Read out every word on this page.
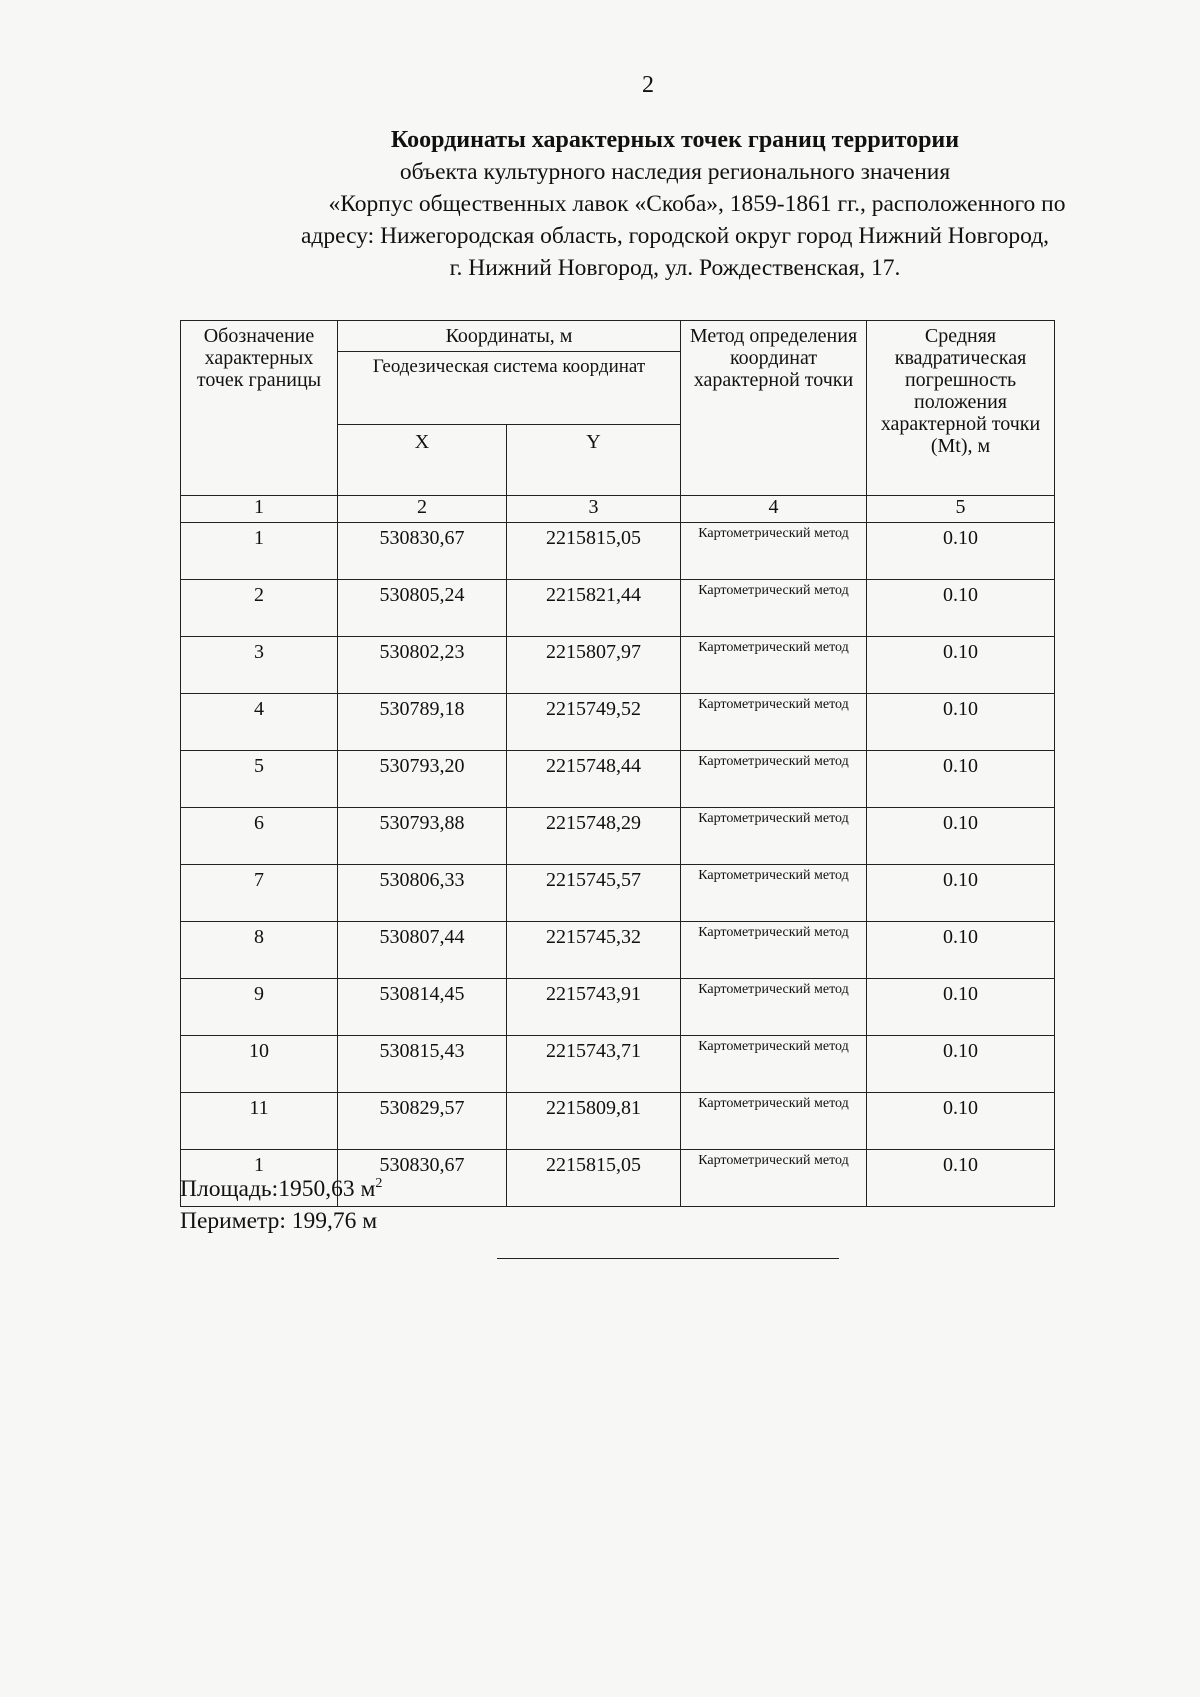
2
Координаты характерных точек границ территории
объекта культурного наследия регионального значения
«Корпус общественных лавок «Скоба», 1859-1861 гг., расположенного по
адресу: Нижегородская область, городской округ город Нижний Новгород,
г. Нижний Новгород, ул. Рождественская, 17.
Обозначение характерных точек границы	Координаты, м		Метод определения координат характерной точки	Средняя квадратическая погрешность положения характерной точки (Mt), м
	Геодезическая система координат			
	X	Y		
1	2	3	4	5
1	530830,67	2215815,05	Картометрический метод	0.10
2	530805,24	2215821,44	Картометрический метод	0.10
3	530802,23	2215807,97	Картометрический метод	0.10
4	530789,18	2215749,52	Картометрический метод	0.10
5	530793,20	2215748,44	Картометрический метод	0.10
6	530793,88	2215748,29	Картометрический метод	0.10
7	530806,33	2215745,57	Картометрический метод	0.10
8	530807,44	2215745,32	Картометрический метод	0.10
9	530814,45	2215743,91	Картометрический метод	0.10
10	530815,43	2215743,71	Картометрический метод	0.10
11	530829,57	2215809,81	Картометрический метод	0.10
1	530830,67	2215815,05	Картометрический метод	0.10
Площадь:1950,63 $м^2$
Периметр: 199,76 м
